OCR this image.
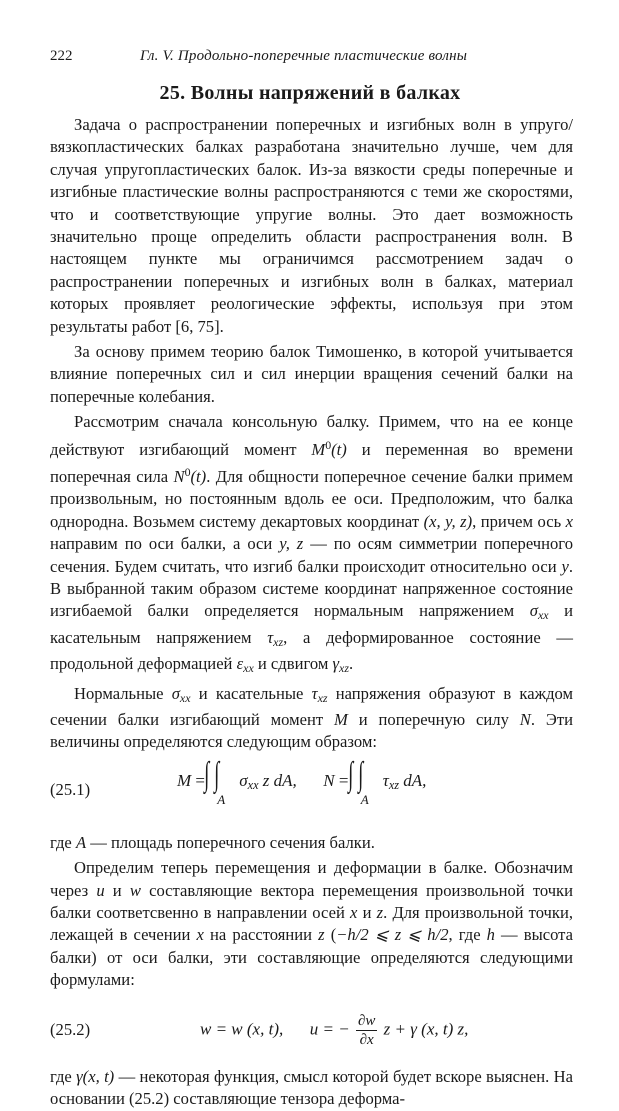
222	Гл. V. Продольно-поперечные пластические волны
25. Волны напряжений в балках

Задача о распространении поперечных и изгибных волн в упруго/вязкопластических балках разработана значительно лучше, чем для случая упругопластических балок. Из-за вязкости среды поперечные и изгибные пластические волны распространяются с теми же скоростями, что и соответствующие упругие волны. Это дает возможность значительно проще определить области распространения волн. В настоящем пункте мы ограничимся рассмотрением задач о распространении поперечных и изгибных волн в балках, материал которых проявляет реологические эффекты, используя при этом результаты работ [6, 75].

За основу примем теорию балок Тимошенко, в которой учитывается влияние поперечных сил и сил инерции вращения сечений балки на поперечные колебания.

Рассмотрим сначала консольную балку. Примем, что на ее конце действуют изгибающий момент $M^0(t)$ и переменная во времени поперечная сила $N^0(t)$. Для общности поперечное сечение балки примем произвольным, но постоянным вдоль ее оси. Предположим, что балка однородна. Возьмем систему декартовых координат (x, y, z), причем ось x направим по оси балки, а оси y, z — по осям симметрии поперечного сечения. Будем считать, что изгиб балки происходит относительно оси y. В выбранной таким образом системе координат напряженное состояние изгибаемой балки определяется нормальным напряжением $\sigma_{xx}$ и касательным напряжением $\tau_{xz}$, а деформированное состояние — продольной деформацией $\varepsilon_{xx}$ и сдвигом $\gamma_{xz}$.

Нормальные $\sigma_{xx}$ и касательные $\tau_{xz}$ напряжения образуют в каждом сечении балки изгибающий момент M и поперечную силу N. Эти величины определяются следующим образом:

(25.1)	M = ∫ ∫
A
$\sigma_{xx}$ z dA, N = ∫ ∫
A
$\tau_{xz}$ dA,

где A — площадь поперечного сечения балки.

Определим теперь перемещения и деформации в балке. Обозначим через u и w составляющие вектора перемещения произвольной точки балки соответсвенно в направлении осей x и z. Для произвольной точки, лежащей в сечении x на расстоянии z (−h/2 ⩽ z ⩽ h/2, где h — высота балки) от оси балки, эти составляющие определяются следующими формулами:

(25.2)	w = w (x, t), u = − $\frac{\partial w}{\partial x}$ z + γ (x, t) z,

где γ(x, t) — некоторая функция, смысл которой будет вскоре выяснен. На основании (25.2) составляющие тензора деформа-
